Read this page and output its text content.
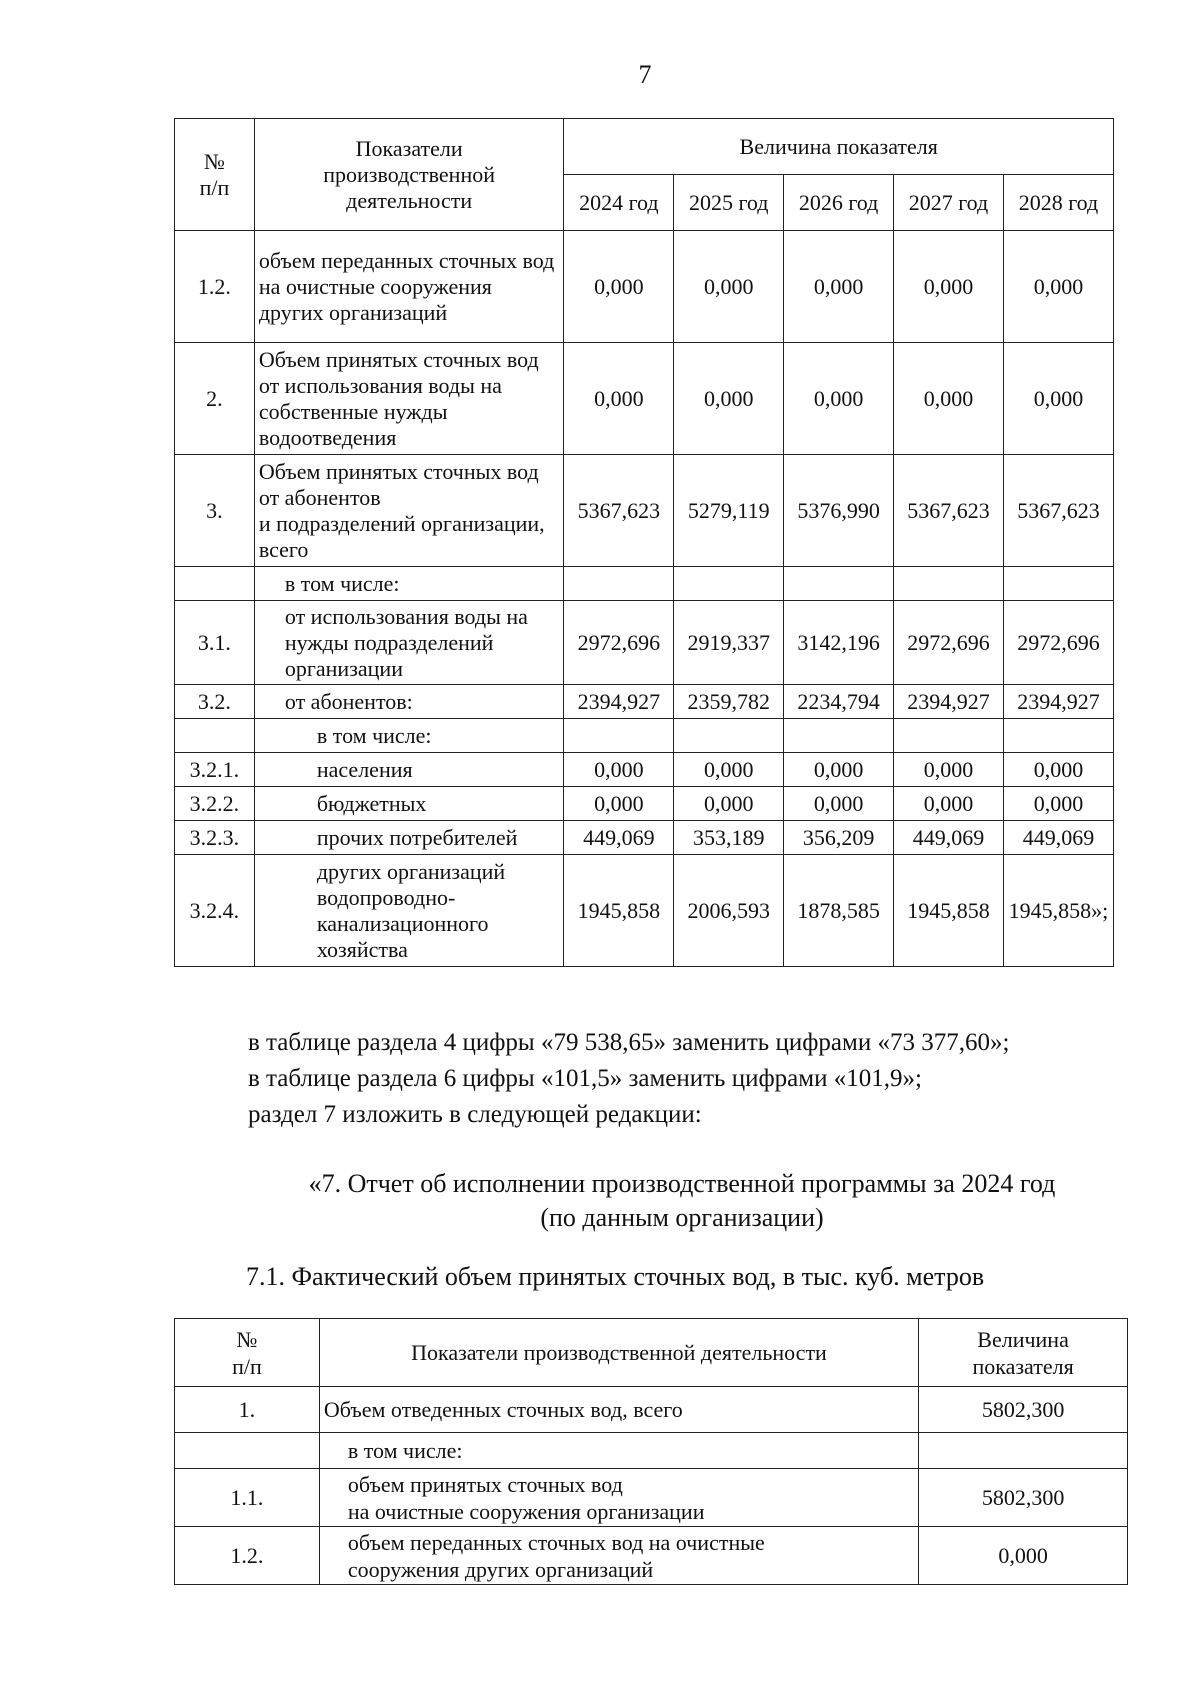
7
№
п/п	Показатели
производственной
деятельности	Величина показателя				
		2024 год	2025 год	2026 год	2027 год	2028 год
1.2.	объем переданных сточных вод на очистные сооружения других организаций	0,000	0,000	0,000	0,000	0,000
2.	Объем принятых сточных вод от использования воды на собственные нужды водоотведения	0,000	0,000	0,000	0,000	0,000
3.	Объем принятых сточных вод от абонентов
и подразделений организации, всего	5367,623	5279,119	5376,990	5367,623	5367,623
	в том числе:					
3.1.	от использования воды на нужды подразделений организации	2972,696	2919,337	3142,196	2972,696	2972,696
3.2.	от абонентов:	2394,927	2359,782	2234,794	2394,927	2394,927
	в том числе:					
3.2.1.	населения	0,000	0,000	0,000	0,000	0,000
3.2.2.	бюджетных	0,000	0,000	0,000	0,000	0,000
3.2.3.	прочих потребителей	449,069	353,189	356,209	449,069	449,069
3.2.4.	других организаций водопроводно-канализационного хозяйства	1945,858	2006,593	1878,585	1945,858	1945,858»;

в таблице раздела 4 цифры «79 538,65» заменить цифрами «73 377,60»;

в таблице раздела 6 цифры «101,5» заменить цифрами «101,9»;

раздел 7 изложить в следующей редакции:

«7. Отчет об исполнении производственной программы за 2024 год
(по данным организации)
7.1. Фактический объем принятых сточных вод, в тыс. куб. метров
№
п/п	Показатели производственной деятельности	Величина
показателя
1.	Объем отведенных сточных вод, всего	5802,300
	в том числе:	
1.1.	объем принятых сточных вод
на очистные сооружения организации	5802,300
1.2.	объем переданных сточных вод на очистные
сооружения других организаций	0,000
